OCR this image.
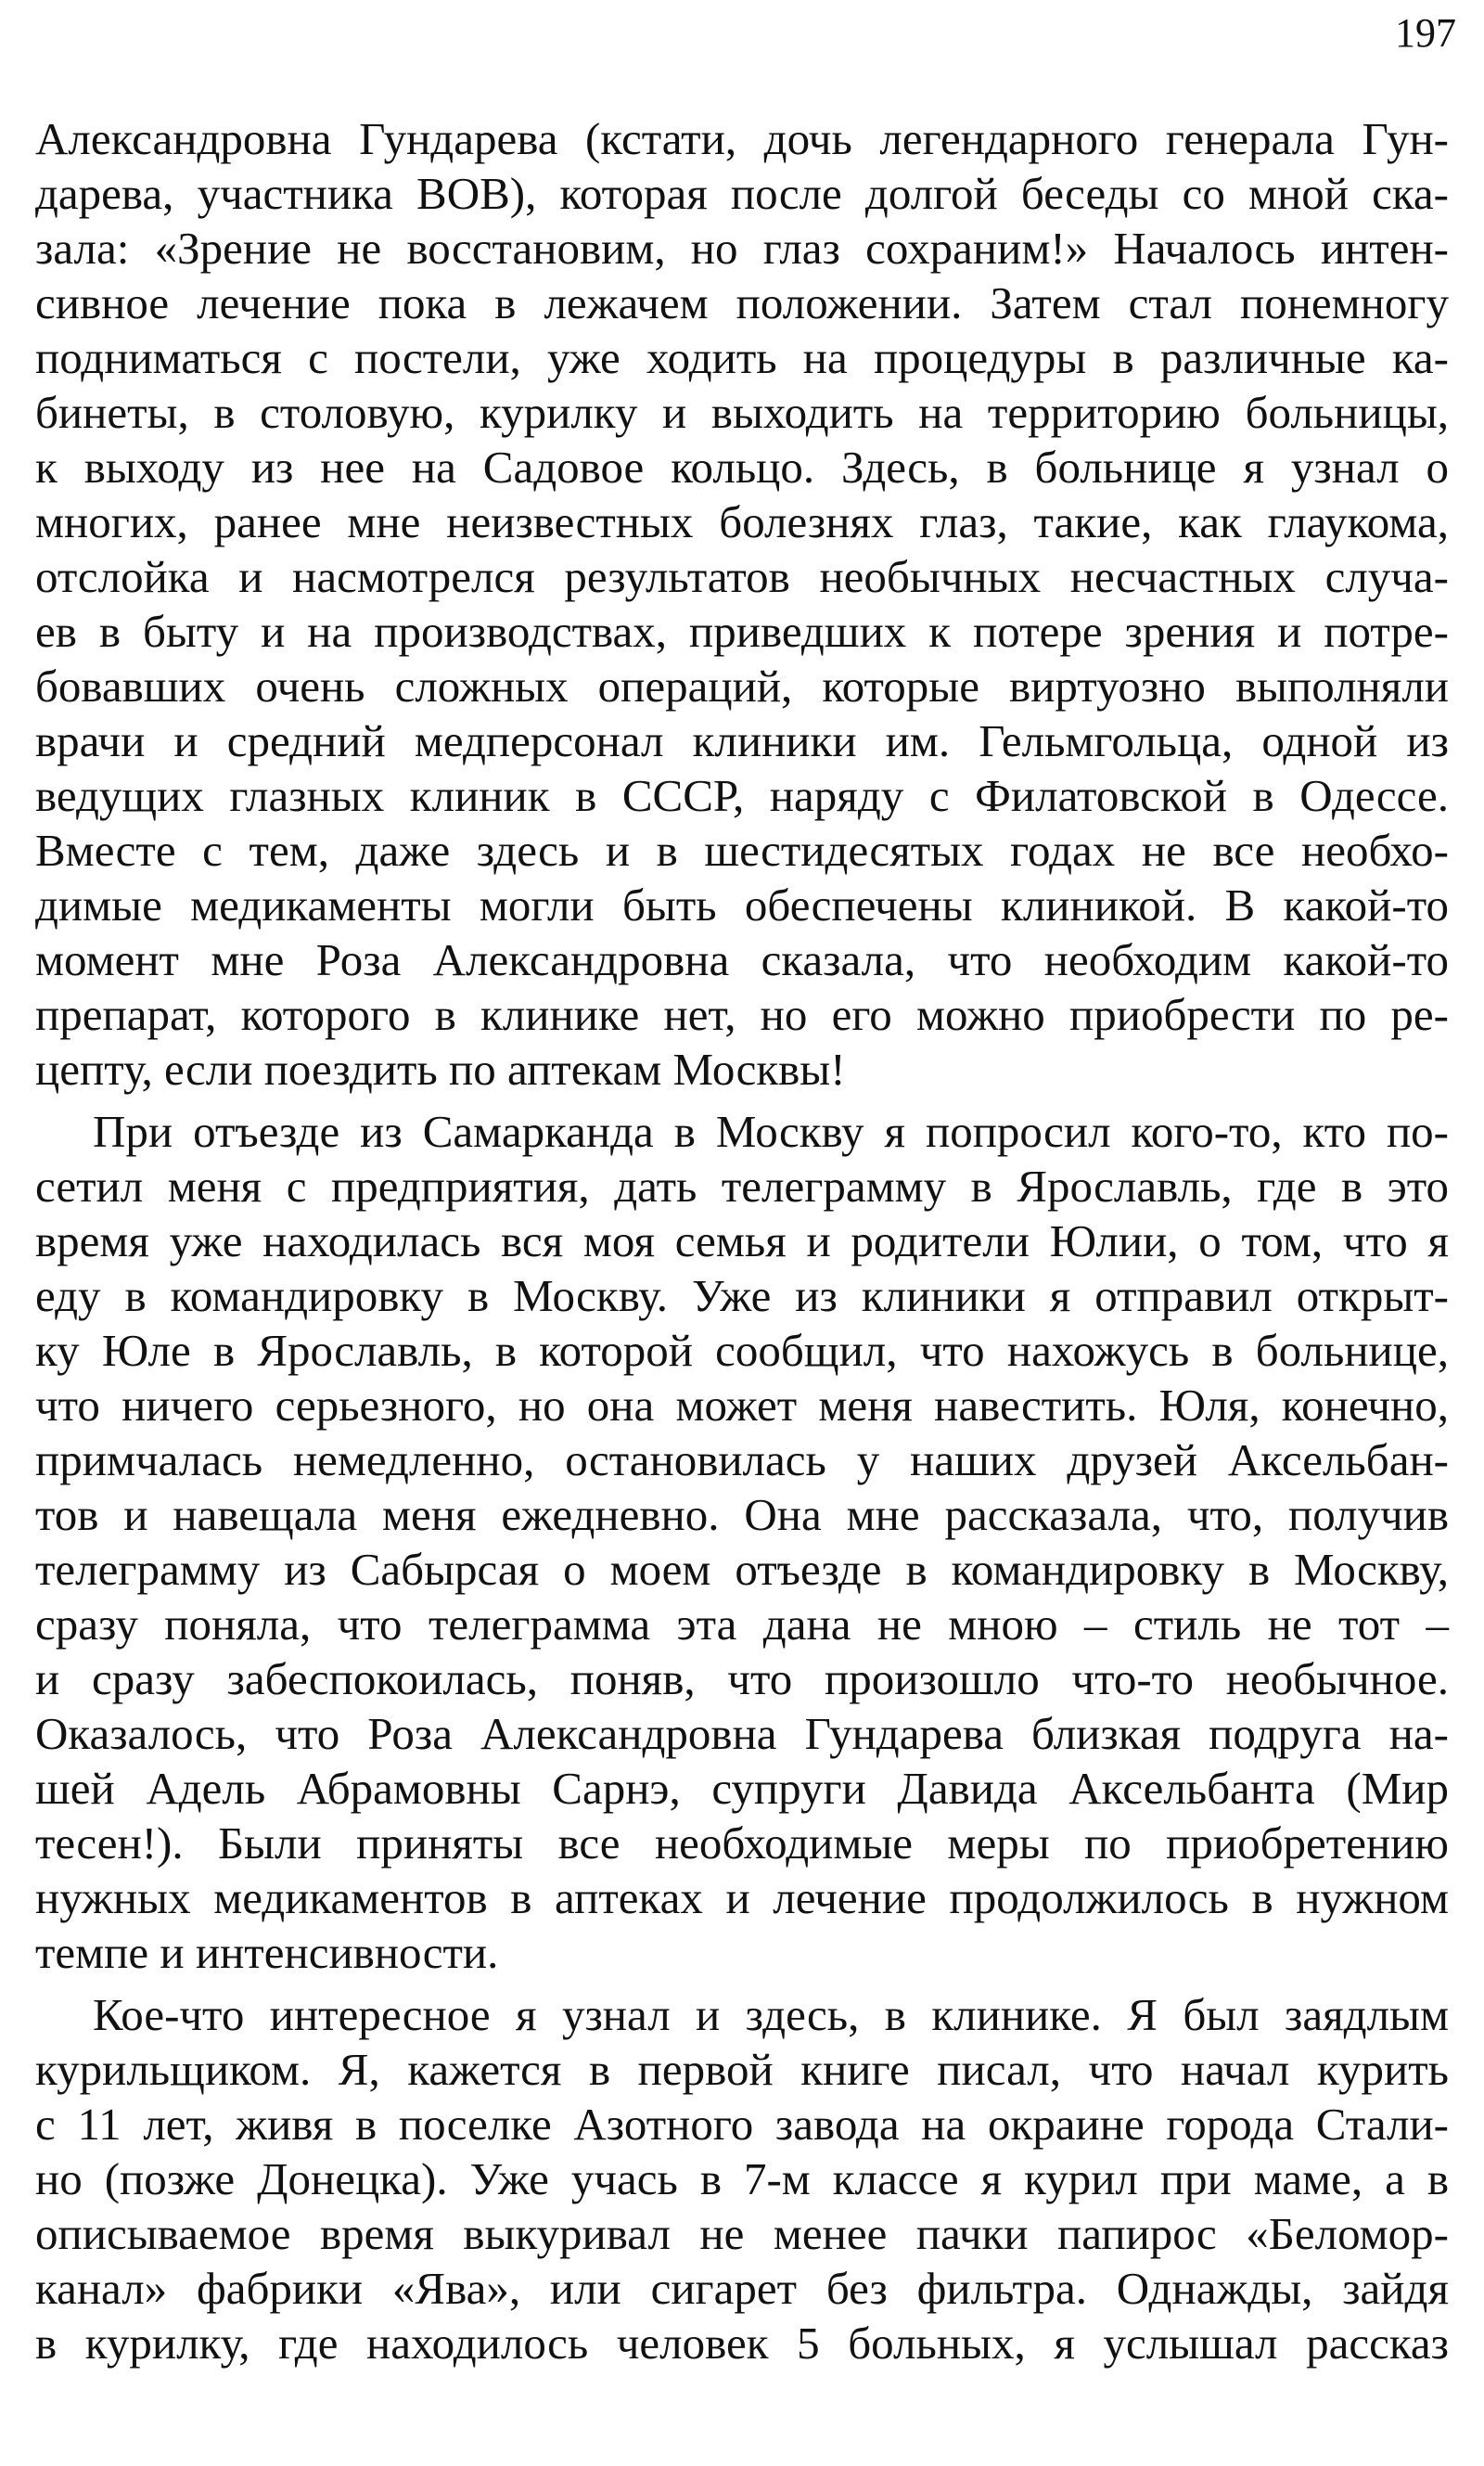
197
Александровна Гундарева (кстати, дочь легендарного генерала Гун-
дарева, участника ВОВ), которая после долгой беседы со мной ска-
зала: «Зрение не восстановим, но глаз сохраним!» Началось интен-
сивное лечение пока в лежачем положении. Затем стал понемногу
подниматься с постели, уже ходить на процедуры в различные ка-
бинеты, в столовую, курилку и выходить на территорию больницы,
к выходу из нее на Садовое кольцо. Здесь, в больнице я узнал о
многих, ранее мне неизвестных болезнях глаз, такие, как глаукома,
отслойка и насмотрелся результатов необычных несчастных случа-
ев в быту и на производствах, приведших к потере зрения и потре-
бовавших очень сложных операций, которые виртуозно выполняли
врачи и средний медперсонал клиники им. Гельмгольца, одной из
ведущих глазных клиник в СССР, наряду с Филатовской в Одессе.
Вместе с тем, даже здесь и в шестидесятых годах не все необхо-
димые медикаменты могли быть обеспечены клиникой. В какой-то
момент мне Роза Александровна сказала, что необходим какой-то
препарат, которого в клинике нет, но его можно приобрести по ре-
цепту, если поездить по аптекам Москвы!
При отъезде из Самарканда в Москву я попросил кого-то, кто по-
сетил меня с предприятия, дать телеграмму в Ярославль, где в это
время уже находилась вся моя семья и родители Юлии, о том, что я
еду в командировку в Москву. Уже из клиники я отправил открыт-
ку Юле в Ярославль, в которой сообщил, что нахожусь в больнице,
что ничего серьезного, но она может меня навестить. Юля, конечно,
примчалась немедленно, остановилась у наших друзей Аксельбан-
тов и навещала меня ежедневно. Она мне рассказала, что, получив
телеграмму из Сабырсая о моем отъезде в командировку в Москву,
сразу поняла, что телеграмма эта дана не мною – стиль не тот –
и сразу забеспокоилась, поняв, что произошло что-то необычное.
Оказалось, что Роза Александровна Гундарева близкая подруга на-
шей Адель Абрамовны Сарнэ, супруги Давида Аксельбанта (Мир
тесен!). Были приняты все необходимые меры по приобретению
нужных медикаментов в аптеках и лечение продолжилось в нужном
темпе и интенсивности.
Кое-что интересное я узнал и здесь, в клинике. Я был заядлым
курильщиком. Я, кажется в первой книге писал, что начал курить
с 11 лет, живя в поселке Азотного завода на окраине города Стали-
но (позже Донецка). Уже учась в 7-м классе я курил при маме, а в
описываемое время выкуривал не менее пачки папирос «Беломор-
канал» фабрики «Ява», или сигарет без фильтра. Однажды, зайдя
в курилку, где находилось человек 5 больных, я услышал рассказ
